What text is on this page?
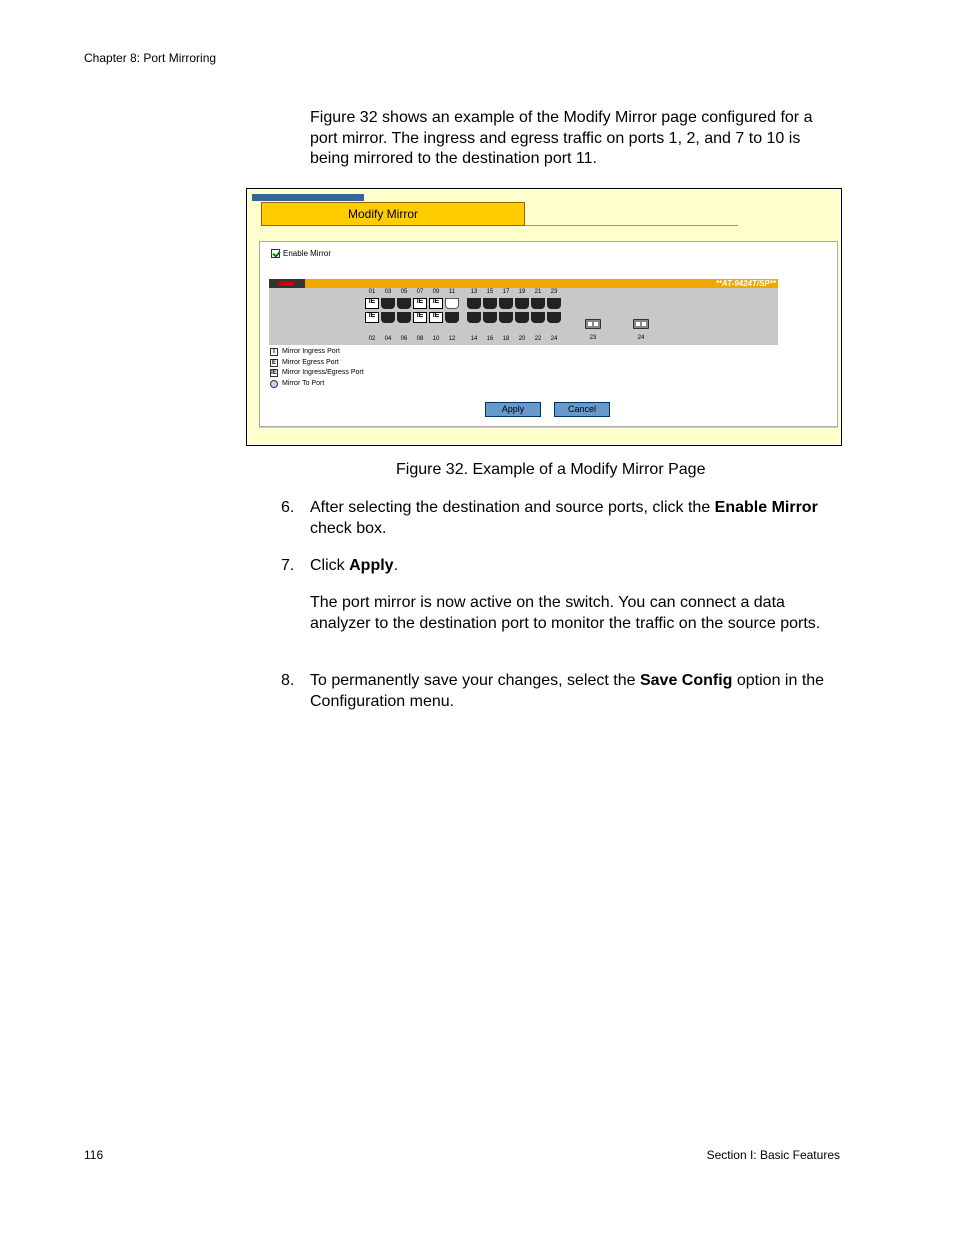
Chapter 8: Port Mirroring

Figure 32 shows an example of the Modify Mirror page configured for a port mirror. The ingress and egress traffic on ports 1, 2, and 7 to 10 is being mirrored to the destination port 11.

Modify Mirror
Enable Mirror
**AT-9424T/SP**
01
IE	03	05	07
IE	09
IE	11	13	15	17	19	21	23
IE
02	04	06
IE	08
IE	10	12	14	16	18	20	22	24	23	24
I	Mirror Ingress Port
E Mirror Egress Port
IE Mirror Ingress/Egress Port
Mirror To Port
Apply	Cancel
Figure 32. Example of a Modify Mirror Page
6. After selecting the destination and source ports, click the Enable Mirror check box.
7. Click Apply.

The port mirror is now active on the switch. You can connect a data analyzer to the destination port to monitor the traffic on the source ports.

8. To permanently save your changes, select the Save Config option in the Configuration menu.
116	Section I: Basic Features
